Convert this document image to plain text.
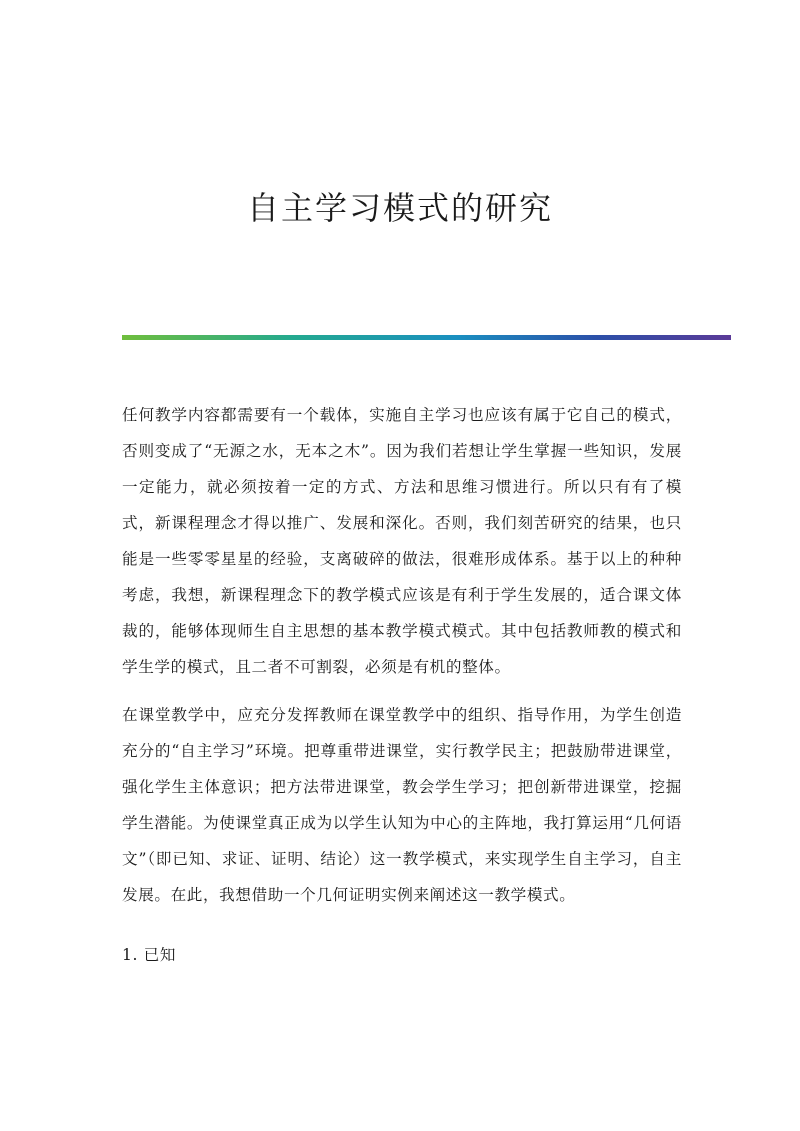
自主学习模式的研究

任何教学内容都需要有一个载体，实施自主学习也应该有属于它自己的模式，否则变成了“无源之水，无本之木”。因为我们若想让学生掌握一些知识，发展一定能力，就必须按着一定的方式、方法和思维习惯进行。所以只有有了模式，新课程理念才得以推广、发展和深化。否则，我们刻苦研究的结果，也只能是一些零零星星的经验，支离破碎的做法，很难形成体系。基于以上的种种考虑，我想，新课程理念下的教学模式应该是有利于学生发展的，适合课文体裁的，能够体现师生自主思想的基本教学模式模式。其中包括教师教的模式和学生学的模式，且二者不可割裂，必须是有机的整体。

在课堂教学中，应充分发挥教师在课堂教学中的组织、指导作用，为学生创造充分的“自主学习”环境。把尊重带进课堂，实行教学民主；把鼓励带进课堂，强化学生主体意识；把方法带进课堂，教会学生学习；把创新带进课堂，挖掘学生潜能。为使课堂真正成为以学生认知为中心的主阵地，我打算运用“几何语文”（即已知、求证、证明、结论）这一教学模式，来实现学生自主学习，自主发展。在此，我想借助一个几何证明实例来阐述这一教学模式。

1. 已知
